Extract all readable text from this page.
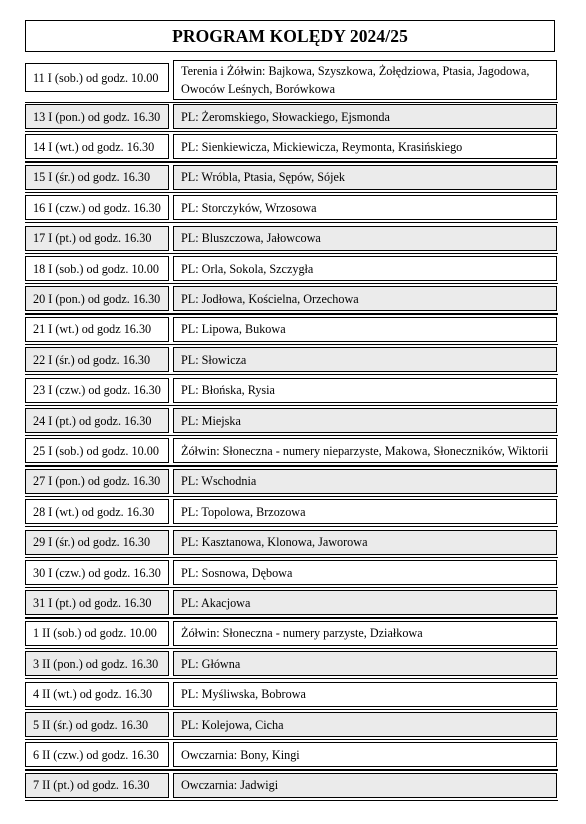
PROGRAM KOLĘDY 2024/25
11 I (sob.) od godz. 10.00 Terenia i Żółwin: Bajkowa, Szyszkowa, Żołędziowa, Ptasia, Jagodowa, Owoców Leśnych, Borówkowa
13 I (pon.) od godz. 16.30 PL: Żeromskiego, Słowackiego, Ejsmonda
14 I (wt.) od godz. 16.30 PL: Sienkiewicza, Mickiewicza, Reymonta, Krasińskiego
15 I (śr.) od godz. 16.30	PL: Wróbla, Ptasia, Sępów, Sójek
16 I (czw.) od godz. 16.30 PL: Storczyków, Wrzosowa
17 I (pt.) od godz. 16.30 PL: Bluszczowa, Jałowcowa
18 I (sob.) od godz. 10.00 PL: Orla, Sokola, Szczygła
20 I (pon.) od godz. 16.30 PL: Jodłowa, Kościelna, Orzechowa
21 I (wt.) od godz 16.30 PL: Lipowa, Bukowa
22 I (śr.) od godz. 16.30	PL: Słowicza
23 I (czw.) od godz. 16.30 PL: Błońska, Rysia
24 I (pt.) od godz. 16.30 PL: Miejska
25 I (sob.) od godz. 10.00 Żółwin: Słoneczna - numery nieparzyste, Makowa, Słoneczników, Wiktorii
27 I (pon.) od godz. 16.30 PL: Wschodnia
28 I (wt.) od godz. 16.30 PL: Topolowa, Brzozowa
29 I (śr.) od godz. 16.30	PL: Kasztanowa, Klonowa, Jaworowa
30 I (czw.) od godz. 16.30 PL: Sosnowa, Dębowa
31 I (pt.) od godz. 16.30 PL: Akacjowa
1 II (sob.) od godz. 10.00 Żółwin: Słoneczna - numery parzyste, Działkowa
3 II (pon.) od godz. 16.30 PL: Główna
4 II (wt.) od godz. 16.30 PL: Myśliwska, Bobrowa
5 II (śr.) od godz. 16.30	PL: Kolejowa, Cicha
6 II (czw.) od godz. 16.30 Owczarnia: Bony, Kingi
7 II (pt.) od godz. 16.30	Owczarnia: Jadwigi
